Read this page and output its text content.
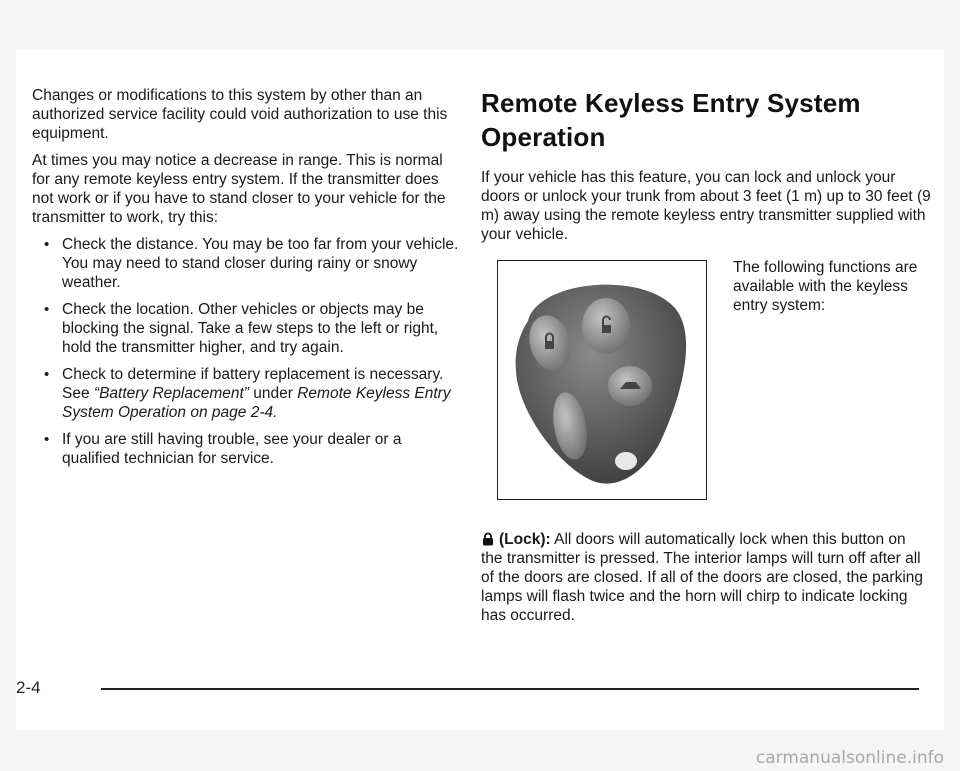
Changes or modifications to this system by other than an authorized service facility could void authorization to use this equipment.

At times you may notice a decrease in range. This is normal for any remote keyless entry system. If the transmitter does not work or if you have to stand closer to your vehicle for the transmitter to work, try this:

• Check the distance. You may be too far from your vehicle. You may need to stand closer during rainy or snowy weather.
• Check the location. Other vehicles or objects may be blocking the signal. Take a few steps to the left or right, hold the transmitter higher, and try again.
• Check to determine if battery replacement is necessary. See “Battery Replacement” under Remote Keyless Entry System Operation on page 2-4.
• If you are still having trouble, see your dealer or a qualified technician for service.
Remote Keyless Entry System Operation

If your vehicle has this feature, you can lock and unlock your doors or unlock your trunk from about 3 feet (1 m) up to 30 feet (9 m) away using the remote keyless entry transmitter supplied with your vehicle.

The following functions are available with the keyless entry system:

(Lock): All doors will automatically lock when this button on the transmitter is pressed. The interior lamps will turn off after all of the doors are closed. If all of the doors are closed, the parking lamps will flash twice and the horn will chirp to indicate locking has occurred.

2-4
carmanualsonline.info
